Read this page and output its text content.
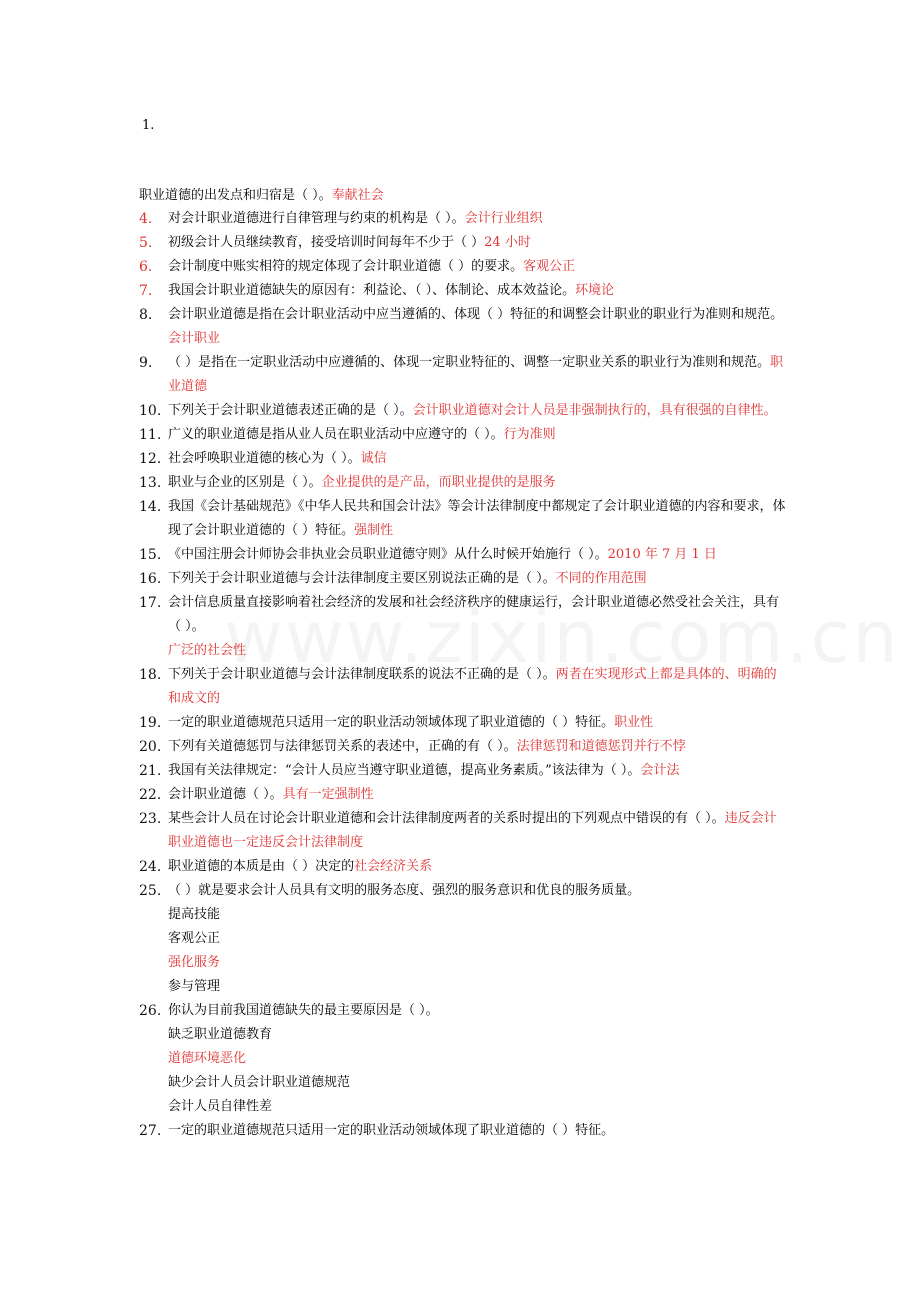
1.
职业道德的出发点和归宿是（ ）。奉献社会
4.	对会计职业道德进行自律管理与约束的机构是（ ）。会计行业组织
5.	初级会计人员继续教育，接受培训时间每年不少于（ ）24 小时
6.	会计制度中账实相符的规定体现了会计职业道德（ ）的要求。客观公正
7.	我国会计职业道德缺失的原因有：利益论、（ ）、体制论、成本效益论。环境论
8.	会计职业道德是指在会计职业活动中应当遵循的、体现（ ）特征的和调整会计职业的职业行为准则和规范。会计职业
9.	（ ）是指在一定职业活动中应遵循的、体现一定职业特征的、调整一定职业关系的职业行为准则和规范。职业道德
10. 下列关于会计职业道德表述正确的是（ ）。会计职业道德对会计人员是非强制执行的，具有很强的自律性。
11. 广义的职业道德是指从业人员在职业活动中应遵守的（ ）。行为准则
12. 社会呼唤职业道德的核心为（ ）。诚信
13. 职业与企业的区别是（ ）。企业提供的是产品，而职业提供的是服务
14. 我国《会计基础规范》《中华人民共和国会计法》等会计法律制度中都规定了会计职业道德的内容和要求，体现了会计职业道德的（ ）特征。强制性
15. 《中国注册会计师协会非执业会员职业道德守则》从什么时候开始施行（ ）。2010 年 7 月 1 日
16. 下列关于会计职业道德与会计法律制度主要区别说法正确的是（ ）。不同的作用范围
17. 会计信息质量直接影响着社会经济的发展和社会经济秩序的健康运行，会计职业道德必然受社会关注，具有（ ）。
广泛的社会性
18. 下列关于会计职业道德与会计法律制度联系的说法不正确的是（ ）。两者在实现形式上都是具体的、明确的和成文的
19. 一定的职业道德规范只适用一定的职业活动领域体现了职业道德的（ ）特征。职业性
20. 下列有关道德惩罚与法律惩罚关系的表述中，正确的有（ ）。法律惩罚和道德惩罚并行不悖
21. 我国有关法律规定：“会计人员应当遵守职业道德，提高业务素质。”该法律为（ ）。会计法
22. 会计职业道德（ ）。具有一定强制性
23. 某些会计人员在讨论会计职业道德和会计法律制度两者的关系时提出的下列观点中错误的有（ ）。违反会计职业道德也一定违反会计法律制度
24. 职业道德的本质是由（ ）决定的社会经济关系
25. （ ）就是要求会计人员具有文明的服务态度、强烈的服务意识和优良的服务质量。
提高技能
客观公正
强化服务
参与管理
26. 你认为目前我国道德缺失的最主要原因是（ ）。
缺乏职业道德教育
道德环境恶化
缺少会计人员会计职业道德规范
会计人员自律性差
27. 一定的职业道德规范只适用一定的职业活动领域体现了职业道德的（ ）特征。
